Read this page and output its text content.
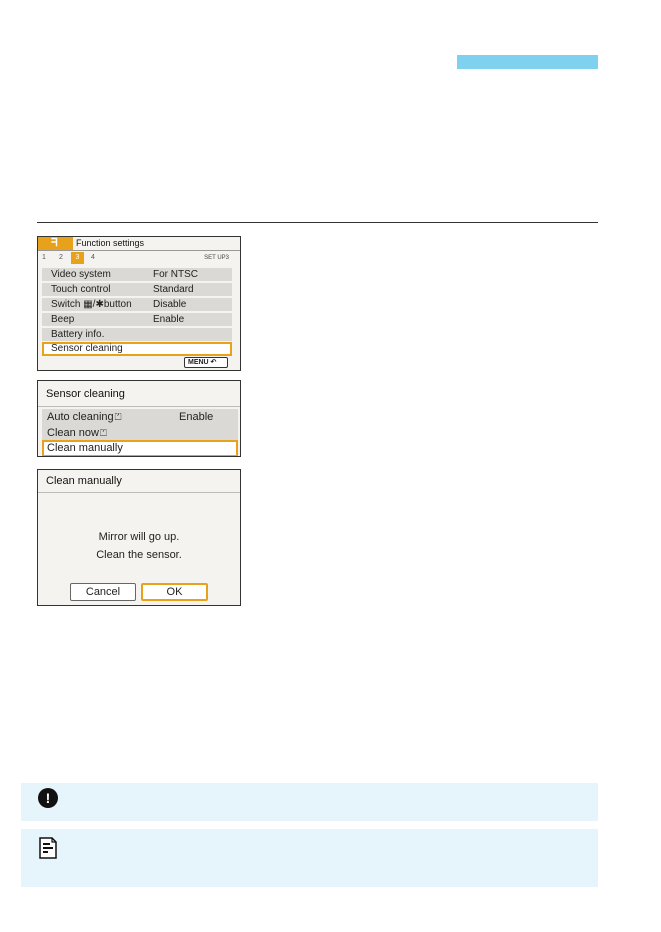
ᖷ Function settings
1 2	3	4	SET UP3
Video system	For NTSC
Touch control	Standard
Switch ▦/✱button Disable
Beep	Enable
Battery info.
Sensor cleaning
MENU ↶
Sensor cleaning
Auto cleaning⏍	Enable
Clean now⏍
Clean manually
Clean manually
Mirror will go up.
Clean the sensor.
Cancel	OK
!
